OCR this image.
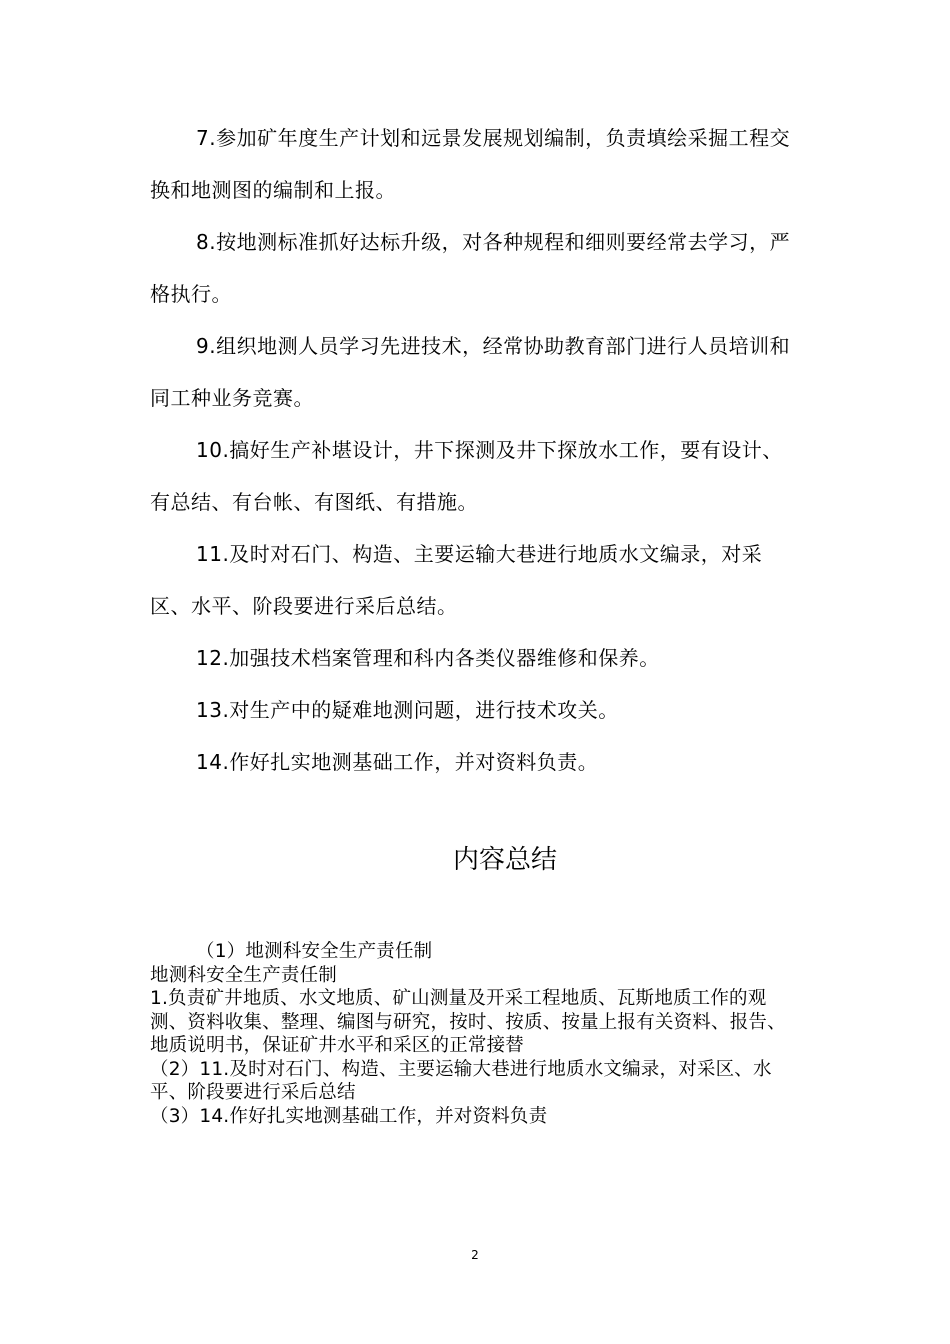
7.参加矿年度生产计划和远景发展规划编制，负责填绘采掘工程交换和地测图的编制和上报。

8.按地测标准抓好达标升级，对各种规程和细则要经常去学习，严格执行。

9.组织地测人员学习先进技术，经常协助教育部门进行人员培训和同工种业务竞赛。

10.搞好生产补堪设计，井下探测及井下探放水工作，要有设计、有总结、有台帐、有图纸、有措施。

11.及时对石门、构造、主要运输大巷进行地质水文编录，对采区、水平、阶段要进行采后总结。

12.加强技术档案管理和科内各类仪器维修和保养。

13.对生产中的疑难地测问题，进行技术攻关。

14.作好扎实地测基础工作，并对资料负责。

内容总结

（1）地测科安全生产责任制

地测科安全生产责任制

1.负责矿井地质、水文地质、矿山测量及开采工程地质、瓦斯地质工作的观测、资料收集、整理、编图与研究，按时、按质、按量上报有关资料、报告、地质说明书，保证矿井水平和采区的正常接替

（2）11.及时对石门、构造、主要运输大巷进行地质水文编录，对采区、水平、阶段要进行采后总结

（3）14.作好扎实地测基础工作，并对资料负责

2
